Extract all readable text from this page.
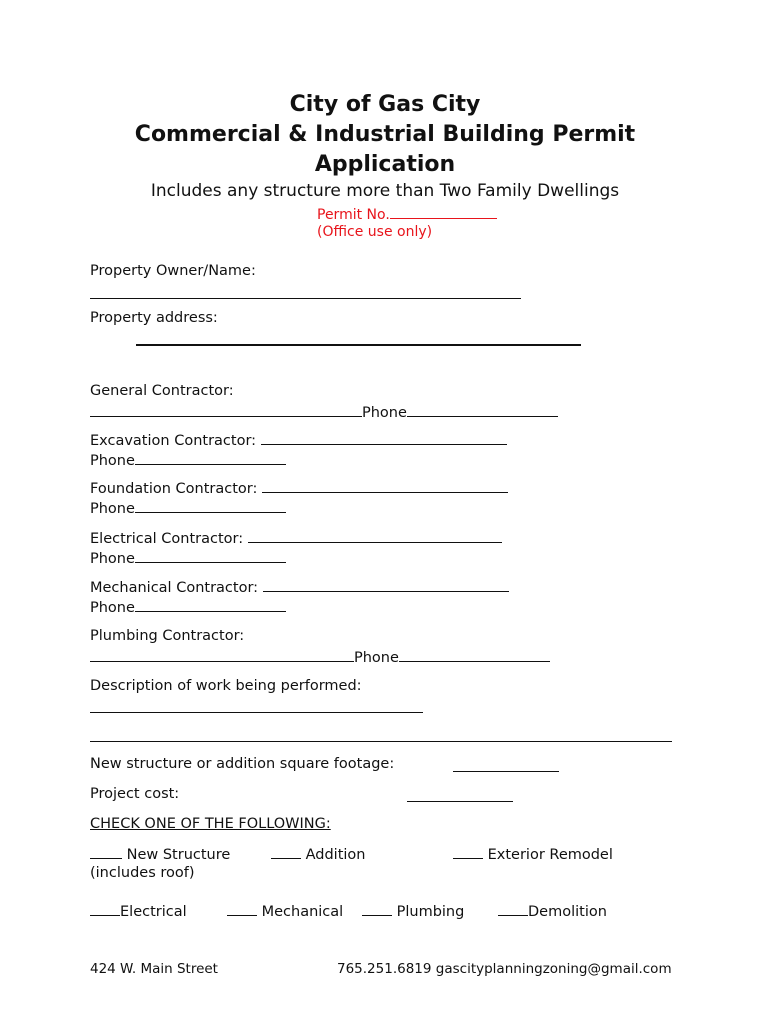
City of Gas City
Commercial & Industrial Building Permit
Application
Includes any structure more than Two Family Dwellings
Permit No.
(Office use only)
Property Owner/Name:
Property address:
General Contractor:
Phone
Excavation Contractor:
Phone
Foundation Contractor:
Phone
Electrical Contractor:
Phone
Mechanical Contractor:
Phone
Plumbing Contractor:
Phone
Description of work being performed:
New structure or addition square footage:
Project cost:
CHECK ONE OF THE FOLLOWING:
New Structure
(includes roof)
Addition	Exterior Remodel
Electrical	Mechanical	Plumbing	Demolition
424 W. Main Street	765.251.6819 gascityplanningzoning@gmail.com
